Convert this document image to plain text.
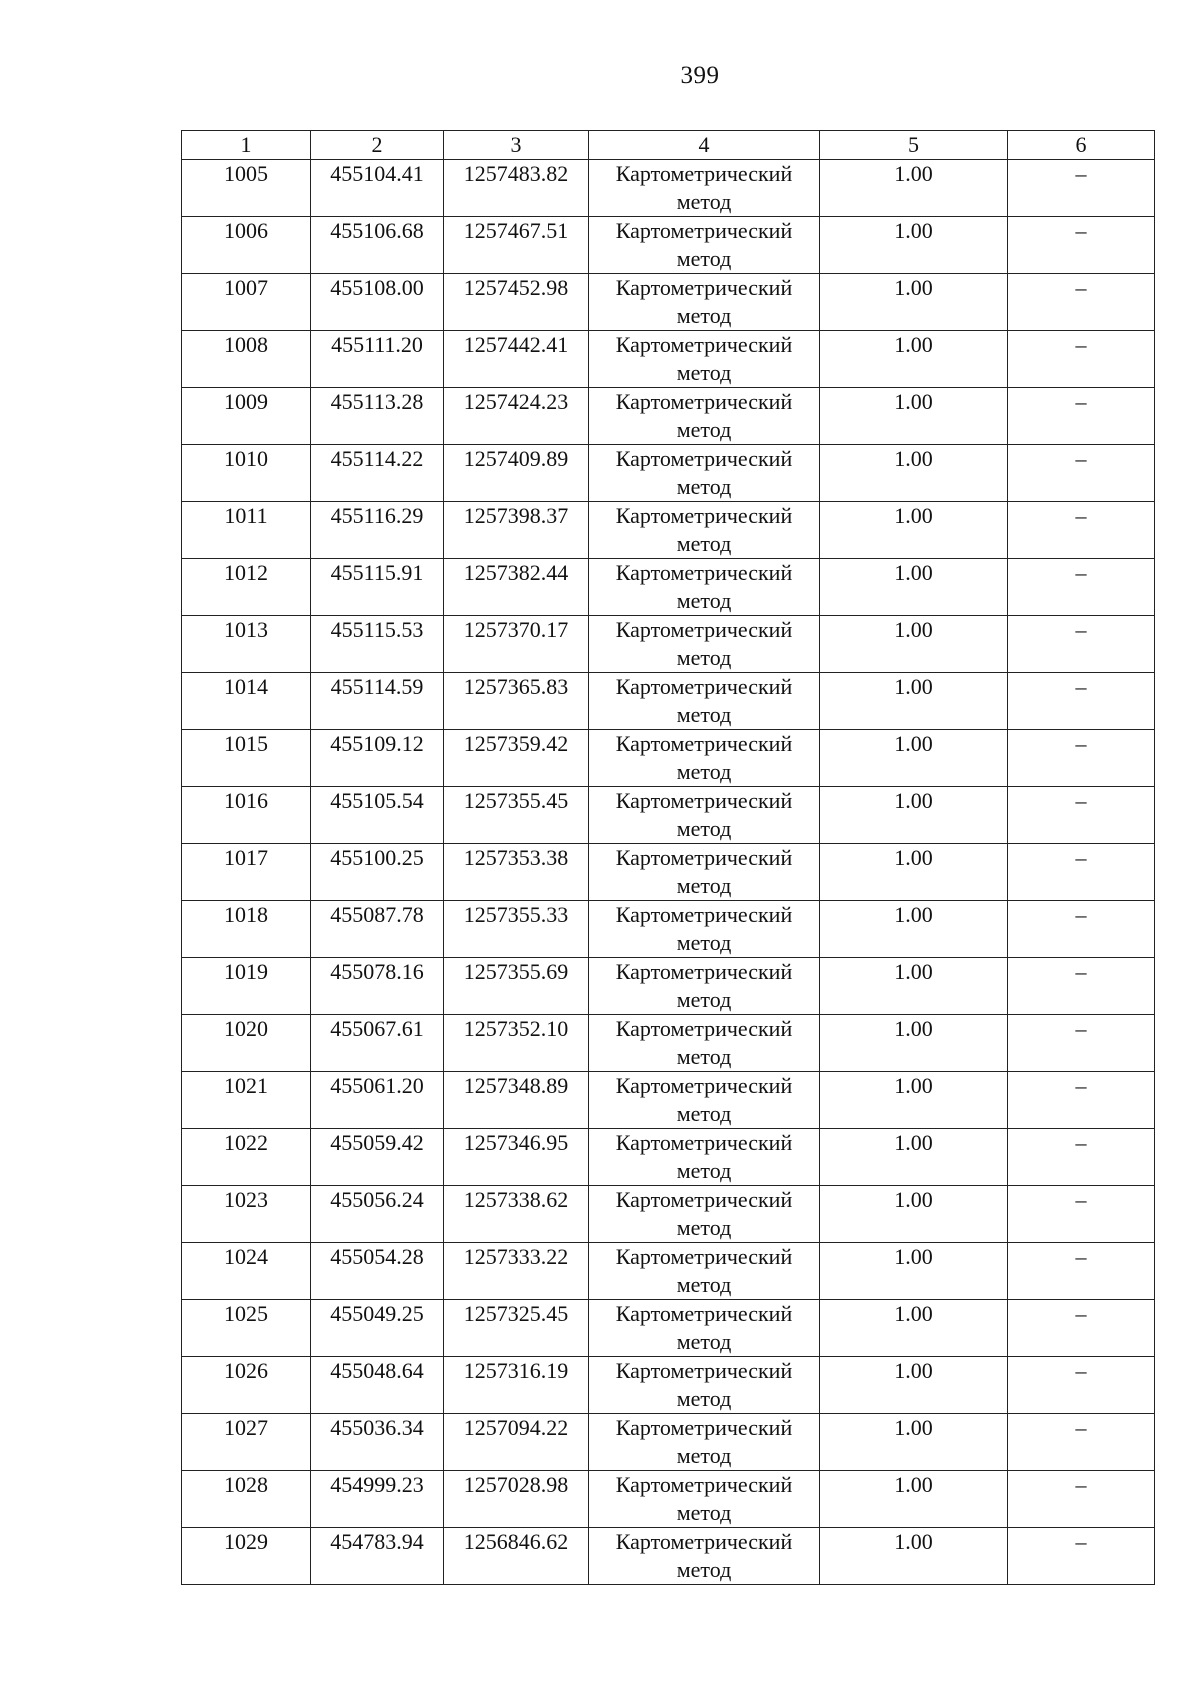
399
1	2	3	4	5	6
1005	455104.41	1257483.82	Картометрический метод	1.00	–
1006	455106.68	1257467.51	Картометрический метод	1.00	–
1007	455108.00	1257452.98	Картометрический метод	1.00	–
1008	455111.20	1257442.41	Картометрический метод	1.00	–
1009	455113.28	1257424.23	Картометрический метод	1.00	–
1010	455114.22	1257409.89	Картометрический метод	1.00	–
1011	455116.29	1257398.37	Картометрический метод	1.00	–
1012	455115.91	1257382.44	Картометрический метод	1.00	–
1013	455115.53	1257370.17	Картометрический метод	1.00	–
1014	455114.59	1257365.83	Картометрический метод	1.00	–
1015	455109.12	1257359.42	Картометрический метод	1.00	–
1016	455105.54	1257355.45	Картометрический метод	1.00	–
1017	455100.25	1257353.38	Картометрический метод	1.00	–
1018	455087.78	1257355.33	Картометрический метод	1.00	–
1019	455078.16	1257355.69	Картометрический метод	1.00	–
1020	455067.61	1257352.10	Картометрический метод	1.00	–
1021	455061.20	1257348.89	Картометрический метод	1.00	–
1022	455059.42	1257346.95	Картометрический метод	1.00	–
1023	455056.24	1257338.62	Картометрический метод	1.00	–
1024	455054.28	1257333.22	Картометрический метод	1.00	–
1025	455049.25	1257325.45	Картометрический метод	1.00	–
1026	455048.64	1257316.19	Картометрический метод	1.00	–
1027	455036.34	1257094.22	Картометрический метод	1.00	–
1028	454999.23	1257028.98	Картометрический метод	1.00	–
1029	454783.94	1256846.62	Картометрический метод	1.00	–
